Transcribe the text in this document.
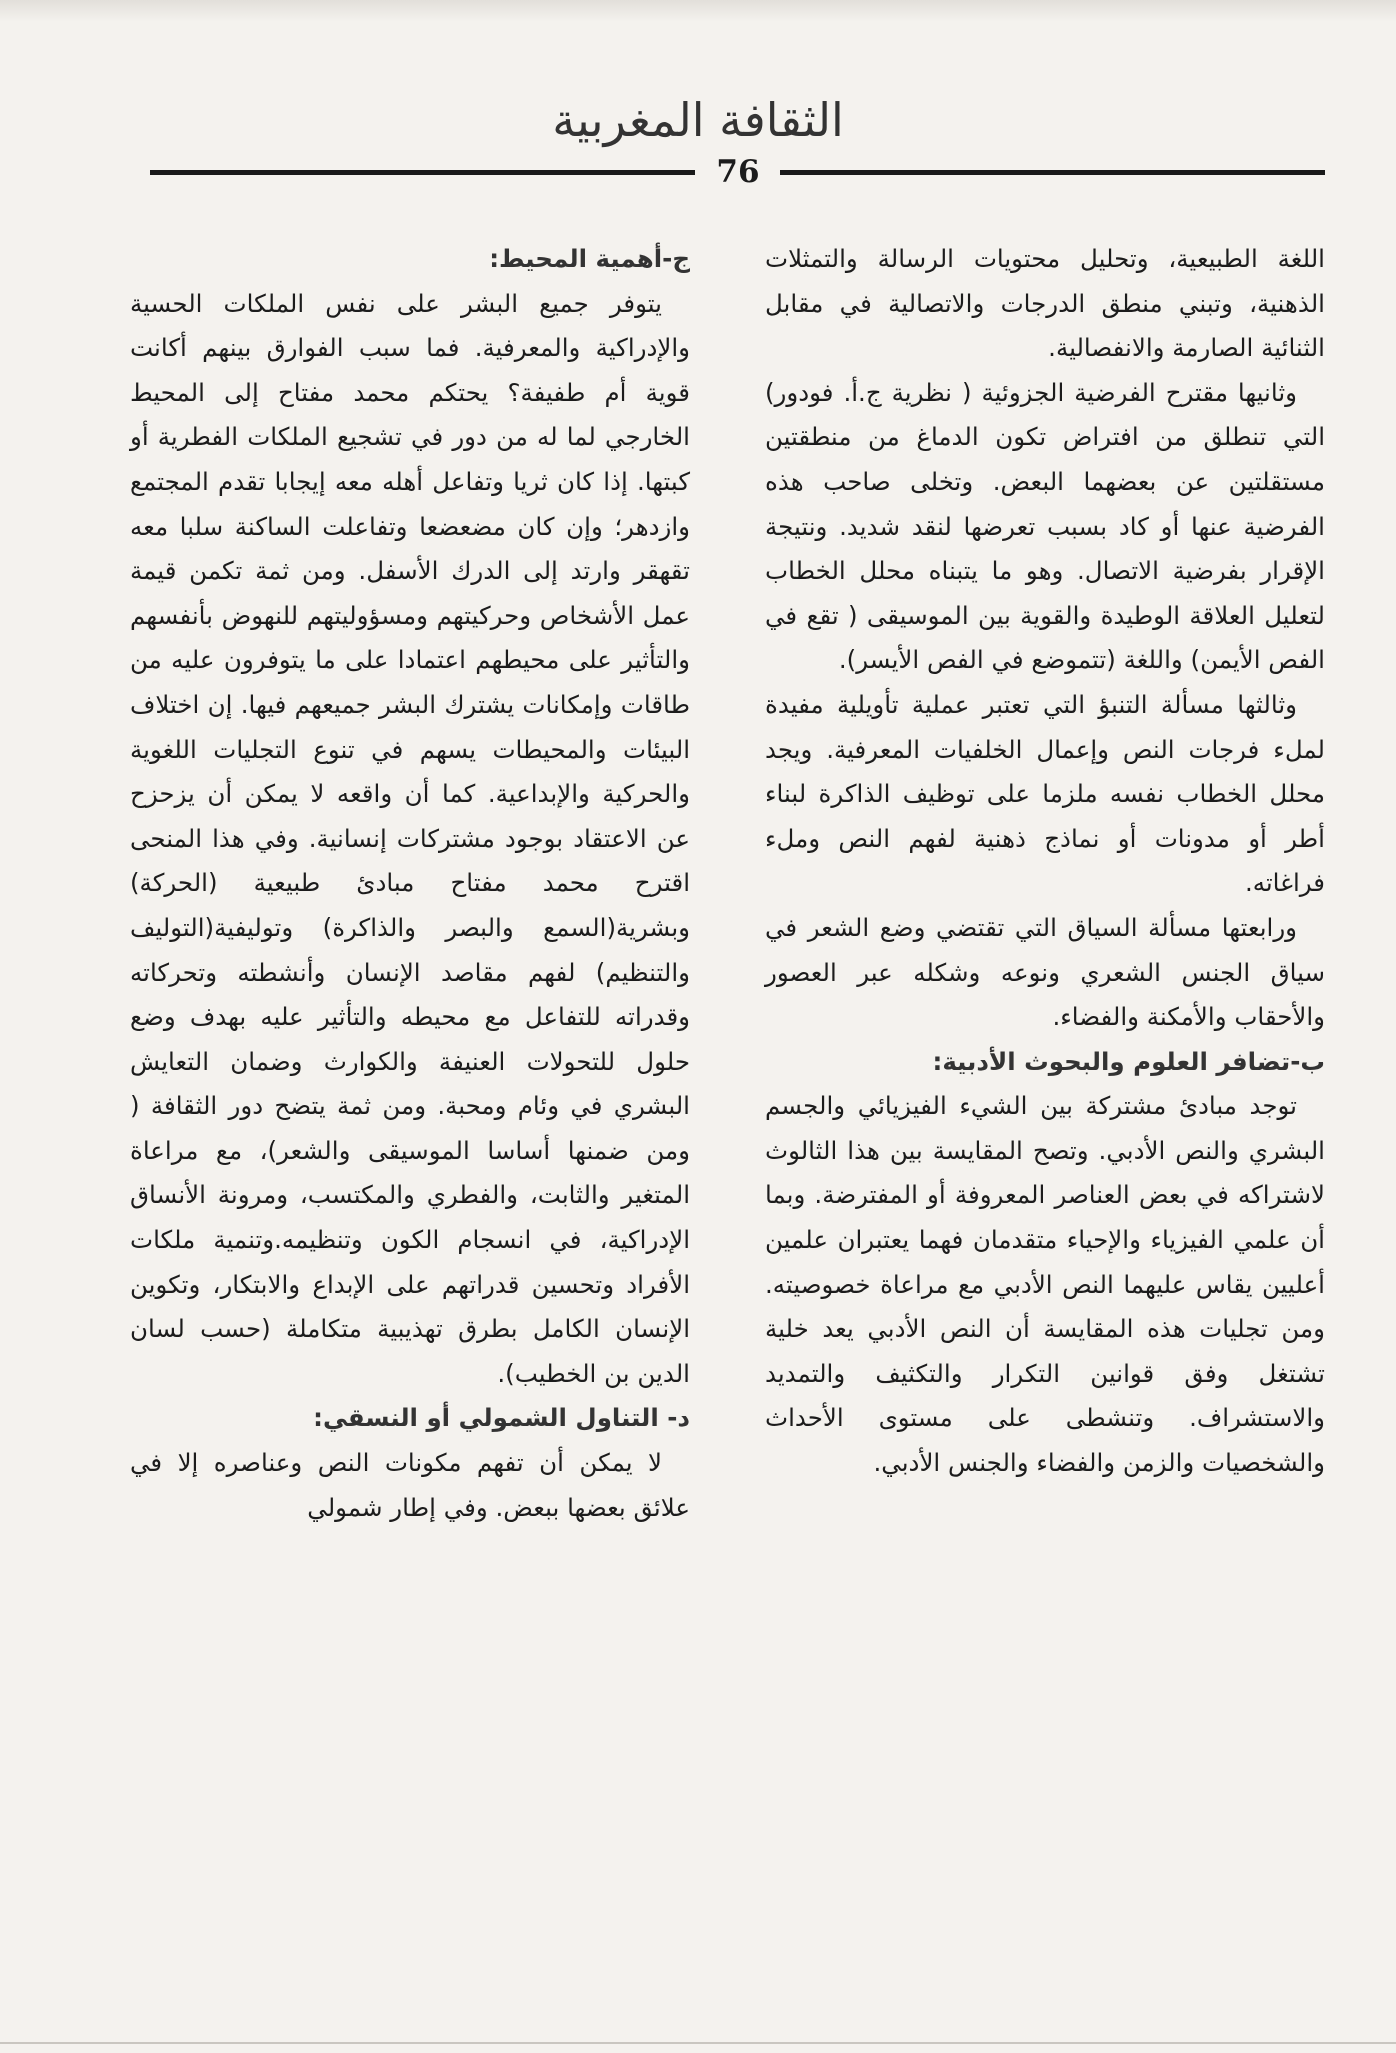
الثقافة المغربية
76

اللغة الطبيعية، وتحليل محتويات الرسالة والتمثلات الذهنية، وتبني منطق الدرجات والاتصالية في مقابل الثنائية الصارمة والانفصالية.

وثانيها مقترح الفرضية الجزوئية ( نظرية ج.أ. فودور) التي تنطلق من افتراض تكون الدماغ من منطقتين مستقلتين عن بعضهما البعض. وتخلى صاحب هذه الفرضية عنها أو كاد بسبب تعرضها لنقد شديد. ونتيجة الإقرار بفرضية الاتصال. وهو ما يتبناه محلل الخطاب لتعليل العلاقة الوطيدة والقوية بين الموسيقى ( تقع في الفص الأيمن) واللغة (تتموضع في الفص الأيسر).

وثالثها مسألة التنبؤ التي تعتبر عملية تأويلية مفيدة لملء فرجات النص وإعمال الخلفيات المعرفية. ويجد محلل الخطاب نفسه ملزما على توظيف الذاكرة لبناء أطر أو مدونات أو نماذج ذهنية لفهم النص وملء فراغاته.

ورابعتها مسألة السياق التي تقتضي وضع الشعر في سياق الجنس الشعري ونوعه وشكله عبر العصور والأحقاب والأمكنة والفضاء.

ب-تضافر العلوم والبحوث الأدبية:

توجد مبادئ مشتركة بين الشيء الفيزيائي والجسم البشري والنص الأدبي. وتصح المقايسة بين هذا الثالوث لاشتراكه في بعض العناصر المعروفة أو المفترضة. وبما أن علمي الفيزياء والإحياء متقدمان فهما يعتبران علمين أعليين يقاس عليهما النص الأدبي مع مراعاة خصوصيته. ومن تجليات هذه المقايسة أن النص الأدبي يعد خلية تشتغل وفق قوانين التكرار والتكثيف والتمديد والاستشراف. وتنشطى على مستوى الأحداث والشخصيات والزمن والفضاء والجنس الأدبي.

ج-أهمية المحيط:

يتوفر جميع البشر على نفس الملكات الحسية والإدراكية والمعرفية. فما سبب الفوارق بينهم أكانت قوية أم طفيفة؟ يحتكم محمد مفتاح إلى المحيط الخارجي لما له من دور في تشجيع الملكات الفطرية أو كبتها. إذا كان ثريا وتفاعل أهله معه إيجابا تقدم المجتمع وازدهر؛ وإن كان مضعضعا وتفاعلت الساكنة سلبا معه تقهقر وارتد إلى الدرك الأسفل. ومن ثمة تكمن قيمة عمل الأشخاص وحركيتهم ومسؤوليتهم للنهوض بأنفسهم والتأثير على محيطهم اعتمادا على ما يتوفرون عليه من طاقات وإمكانات يشترك البشر جميعهم فيها. إن اختلاف البيئات والمحيطات يسهم في تنوع التجليات اللغوية والحركية والإبداعية. كما أن واقعه لا يمكن أن يزحزح عن الاعتقاد بوجود مشتركات إنسانية. وفي هذا المنحى اقترح محمد مفتاح مبادئ طبيعية (الحركة) وبشرية(السمع والبصر والذاكرة) وتوليفية(التوليف والتنظيم) لفهم مقاصد الإنسان وأنشطته وتحركاته وقدراته للتفاعل مع محيطه والتأثير عليه بهدف وضع حلول للتحولات العنيفة والكوارث وضمان التعايش البشري في وئام ومحبة. ومن ثمة يتضح دور الثقافة ( ومن ضمنها أساسا الموسيقى والشعر)، مع مراعاة المتغير والثابت، والفطري والمكتسب، ومرونة الأنساق الإدراكية، في انسجام الكون وتنظيمه.وتنمية ملكات الأفراد وتحسين قدراتهم على الإبداع والابتكار، وتكوين الإنسان الكامل بطرق تهذيبية متكاملة (حسب لسان الدين بن الخطيب).

د- التناول الشمولي أو النسقي:

لا يمكن أن تفهم مكونات النص وعناصره إلا في علائق بعضها ببعض. وفي إطار شمولي
